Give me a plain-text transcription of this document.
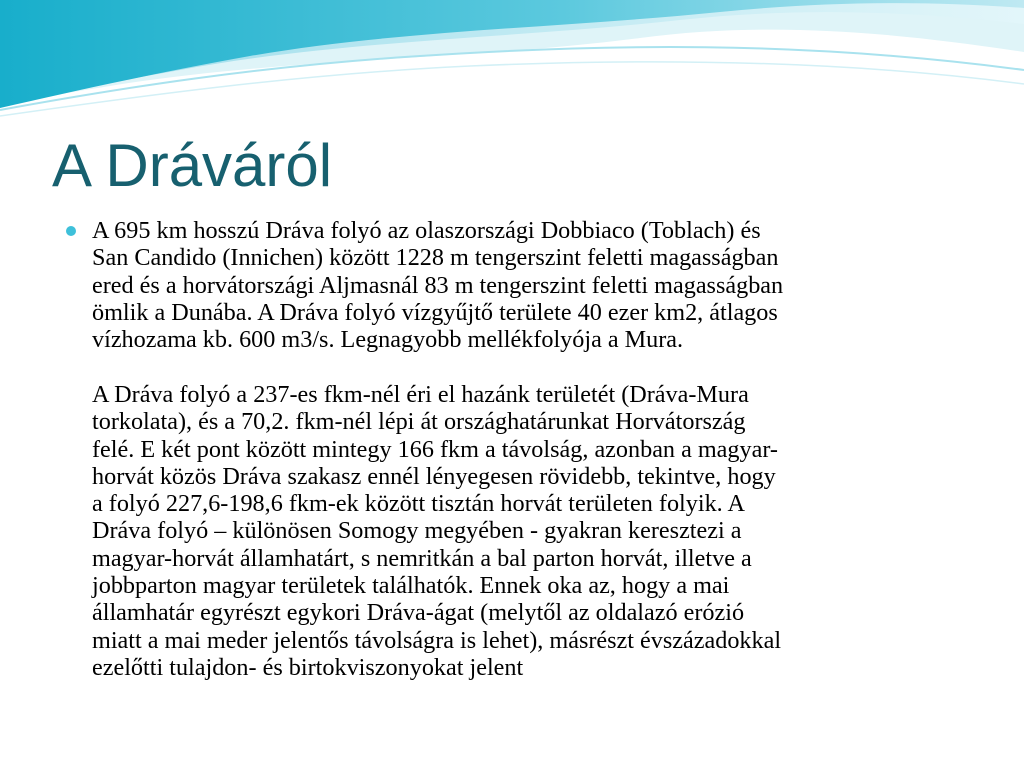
A Dráváról

A 695 km hosszú Dráva folyó az olaszországi Dobbiaco (Toblach) és
San Candido (Innichen) között 1228 m tengerszint feletti magasságban
ered és a horvátországi Aljmasnál 83 m tengerszint feletti magasságban
ömlik a Dunába. A Dráva folyó vízgyűjtő területe 40 ezer km2, átlagos
vízhozama kb. 600 m3/s. Legnagyobb mellékfolyója a Mura.

A Dráva folyó a 237-es fkm-nél éri el hazánk területét (Dráva-Mura
torkolata), és a 70,2. fkm-nél lépi át országhatárunkat Horvátország
felé. E két pont között mintegy 166 fkm a távolság, azonban a magyar-
horvát közös Dráva szakasz ennél lényegesen rövidebb, tekintve, hogy
a folyó 227,6-198,6 fkm-ek között tisztán horvát területen folyik. A
Dráva folyó – különösen Somogy megyében - gyakran keresztezi a
magyar-horvát államhatárt, s nemritkán a bal parton horvát, illetve a
jobbparton magyar területek találhatók. Ennek oka az, hogy a mai
államhatár egyrészt egykori Dráva-ágat (melytől az oldalazó erózió
miatt a mai meder jelentős távolságra is lehet), másrészt évszázadokkal
ezelőtti tulajdon- és birtokviszonyokat jelent
